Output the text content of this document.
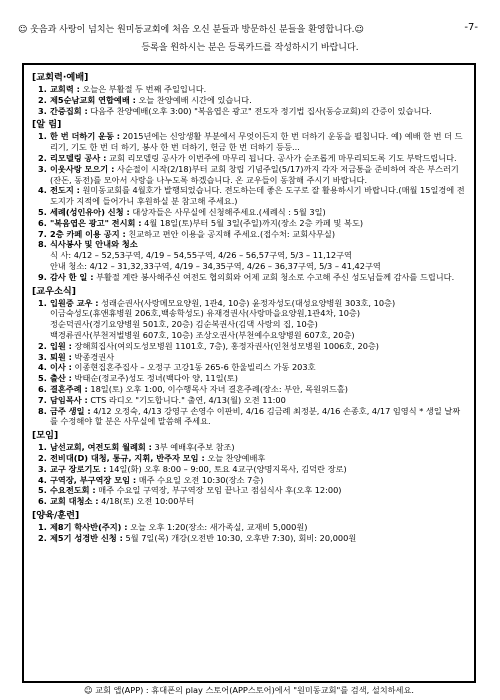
☺ 웃음과 사랑이 넘치는 원미동교회에 처음 오신 분들과 방문하신 분들을 환영합니다.☺	-7-
등록을 원하시는 분은 등록카드를 작성하시기 바랍니다.
[교회력·예배]
1. 교회력 : 오늘은 부활절 두 번째 주일입니다.
2. 제5순남교회 연합예배 : 오늘 찬양예배 시간에 있습니다.
3. 간증집회 : 다음주 찬양예배(오후 3:00) "복음엽은 광고" 전도자 정기법 집사(동승교회)의 간증이 있습니다.
[알 림]
1. 한 번 더하기 운동 : 2015년에는 신앙생활 부분에서 무엇이든지 한 번 더하기 운동을 펼칩니다. 예) 예배 한 번 더 드리기, 기도 한 번 더 하기, 봉사 한 번 더하기, 헌금 한 번 더하기 등등...
2. 리모델링 공사 : 교회 리모델링 공사가 이번주에 마무리 됩니다. 공사가 순조롭게 마무리되도록 기도 부탁드립니다.
3. 이웃사랑 모으기 : 사순절이 시작(2/18)부터 교회 창립 기념주일(5/17)까지 각자 저금통을 준비하여 작은 부스러기(잔돈, 동전)를 모아서 사랑을 나누도록 하겠습니다. 온 교우들이 동참해 주시기 바랍니다.
4. 전도지 : 원미동교회를 4월호가 발행되었습니다. 전도하는데 좋은 도구로 잘 활용하시기 바랍니다.(매월 15일경에 전도지가 지적에 들어가니 후원하실 분 참고해 주세요.)
5. 세례(성인유아) 신청 : 대상자들은 사무실에 신청해주세요.(세례식 : 5월 3일)
6. "복음엽은 광고" 전시회 : 4월 18일(토)부터 5월 3일(주일)까지(장소 2층 카페 및 복도)
7. 2층 카페 이용 공지 : 친교하고 편안 이용을 공지해 주세요.(접수처: 교회사무실)
8. 식사봉사 및 안내와 청소
식 사: 4/12 – 52,53구역, 4/19 – 54,55구역, 4/26 – 56,57구역, 5/3 – 11,12구역
안내 청소: 4/12 – 31,32,33구역, 4/19 – 34,35구역, 4/26 – 36,37구역, 5/3 – 41,42구역
9. 감사 한 일 : 부활절 계란 봉사해주신 여전도 협의회와 어제 교회 청소로 수고해 주신 성도님들께 감사를 드립니다.
[교우소식]
1. 입원중 교우 : 성래순권사(사랑메모요양원, 1관4, 10층) 윤정자성도(대성요양병원 303호, 10층)
이금숙성도(휴앤휴병원 206호,백송학성도) 유재경권사(사랑마을요양원,1관4차, 10층)
정순덕권사(경기요양병원 501호, 20층) 김순복권사(김댁 사랑의 집, 10층)
백경류권사(부천저벌병원 607호, 10층) 조상오권사(부천예수요양병원 607호, 20층)
2. 입원 : 장해희집사(여의도성모병원 1101호, 7층), 홍정자권사(인천성모병원 1006호, 20층)
3. 퇴원 : 박종경권사
4. 이사 : 이종현집혼주집사 – 오정구 고강1동 265-6 한울빌리스 가동 203호
5. 출산 : 박태순(정교주)성도 정녀(백다아 양, 11일(토)
6. 결혼주례 : 18일(토) 오후 1:00, 이수행목사 자녀 결혼주례(장소: 부안, 목원위드홀)
7. 담임목사 : CTS 라디오 "기도합니다." 출연, 4/13(월) 오전 11:00
8. 금주 생일 : 4/12 오정숙, 4/13 강영구 손영수 이판비, 4/16 김금례 최정분, 4/16 손종호, 4/17 임영식 * 생일 날짜를 수정해야 할 분은 사무실에 말씀해 주세요.
[모임]
1. 남선교회, 여전도회 월례회 : 3부 예배후(주보 참조)
2. 전비대(D) 대청, 통규, 지휘, 반주자 모임 : 오늘 찬양예배후
3. 교구 장로기도 : 14일(화) 오후 8:00 – 9:00, 토요 4교구(양명지목사, 김덕란 장로)
4. 구역장, 부구역장 모임 : 매주 수요일 오전 10:30(장소 7층)
5. 수요전도회 : 매주 수요일 구역장, 부구역장 모임 끝나고 점심식사 후(오후 12:00)
6. 교회 대청소 : 4/18(토) 오전 10:00부터
[양육/훈련]
1. 제8기 학사반(주지) : 오늘 오후 1:20(장소: 새가족실, 교재비 5,000원)
2. 제5기 성경반 신청 : 5월 7일(목) 개강(오전반 10:30, 오후반 7:30), 회비: 20,000원
☺ 교회 앱(APP) : 휴대폰의 play 스토어(APP스토어)에서 "원미동교회"를 검색, 설치하세요.
